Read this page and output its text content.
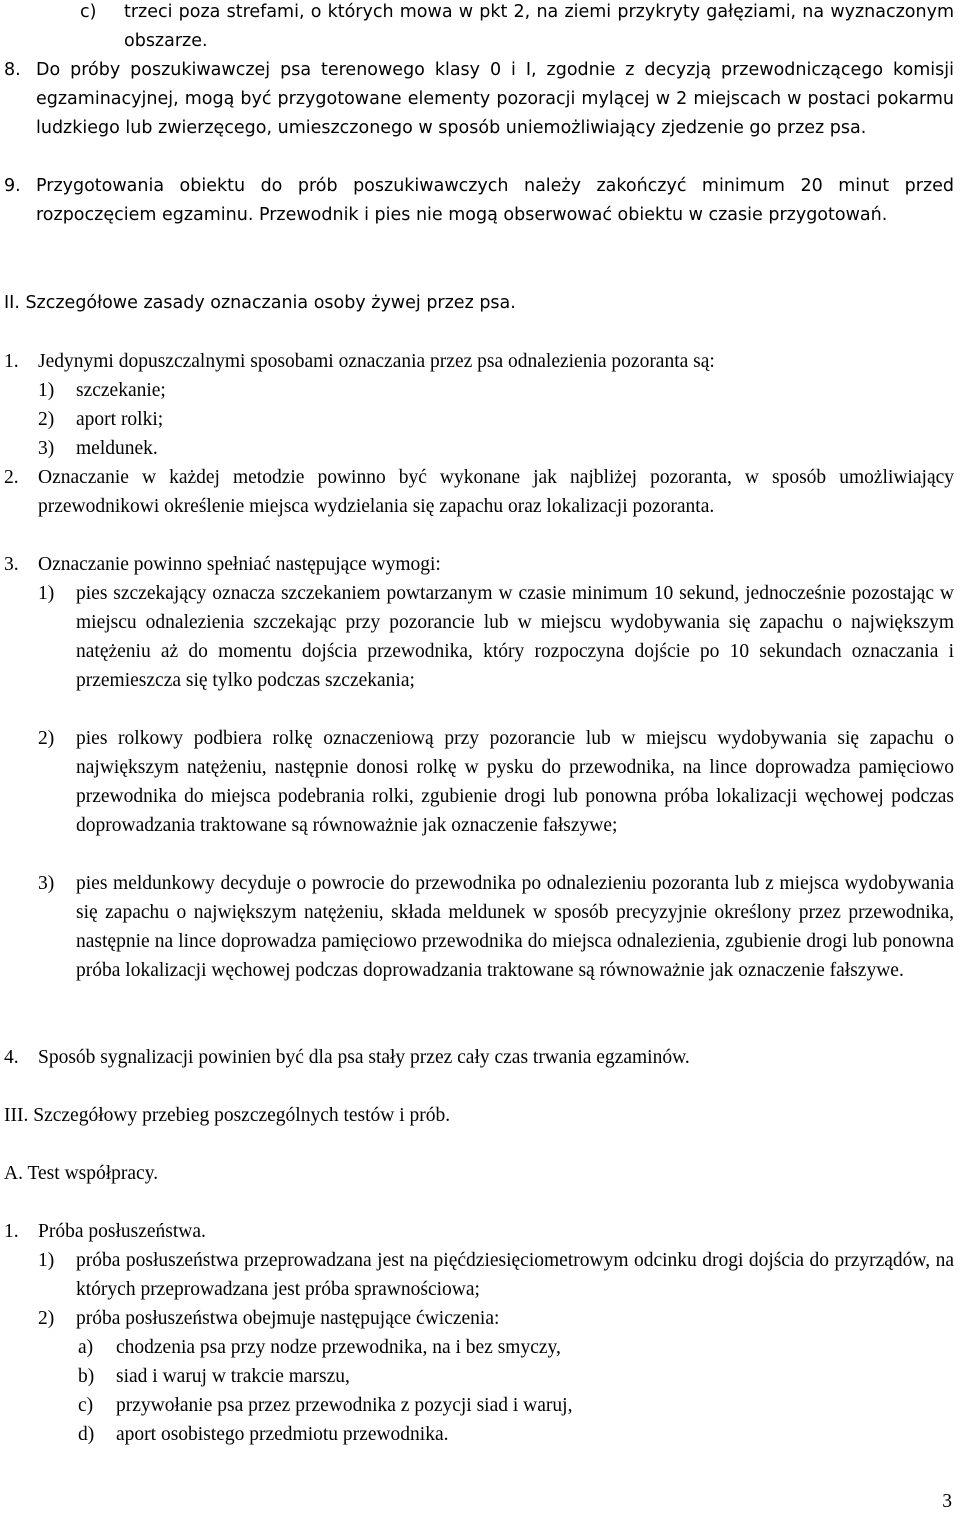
c)	trzeci poza strefami, o których mowa w pkt 2, na ziemi przykryty gałęziami, na wyznaczonym obszarze.
8. Do próby poszukiwawczej psa terenowego klasy 0 i I, zgodnie z decyzją przewodniczącego komisji egzaminacyjnej, mogą być przygotowane elementy pozoracji mylącej w 2 miejscach w postaci pokarmu ludzkiego lub zwierzęcego, umieszczonego w sposób uniemożliwiający zjedzenie go przez psa.
9. Przygotowania obiektu do prób poszukiwawczych należy zakończyć minimum 20 minut przed rozpoczęciem egzaminu. Przewodnik i pies nie mogą obserwować obiektu w czasie przygotowań.
II. Szczegółowe zasady oznaczania osoby żywej przez psa.
1. Jedynymi dopuszczalnymi sposobami oznaczania przez psa odnalezienia pozoranta są:
1)	szczekanie;
2)	aport rolki;
3)	meldunek.
2. Oznaczanie w każdej metodzie powinno być wykonane jak najbliżej pozoranta, w sposób umożliwiający przewodnikowi określenie miejsca wydzielania się zapachu oraz lokalizacji pozoranta.
3. Oznaczanie powinno spełniać następujące wymogi:
1)	pies szczekający oznacza szczekaniem powtarzanym w czasie minimum 10 sekund, jednocześnie pozostając w miejscu odnalezienia szczekając przy pozorancie lub w miejscu wydobywania się zapachu o największym natężeniu aż do momentu dojścia przewodnika, który rozpoczyna dojście po 10 sekundach oznaczania i przemieszcza się tylko podczas szczekania;
2)	pies rolkowy podbiera rolkę oznaczeniową przy pozorancie lub w miejscu wydobywania się zapachu o największym natężeniu, następnie donosi rolkę w pysku do przewodnika, na lince doprowadza pamięciowo przewodnika do miejsca podebrania rolki, zgubienie drogi lub ponowna próba lokalizacji węchowej podczas doprowadzania traktowane są równoważnie jak oznaczenie fałszywe;
3)	pies meldunkowy decyduje o powrocie do przewodnika po odnalezieniu pozoranta lub z miejsca wydobywania się zapachu o największym natężeniu, składa meldunek w sposób precyzyjnie określony przez przewodnika, następnie na lince doprowadza pamięciowo przewodnika do miejsca odnalezienia, zgubienie drogi lub ponowna próba lokalizacji węchowej podczas doprowadzania traktowane są równoważnie jak oznaczenie fałszywe.
4. Sposób sygnalizacji powinien być dla psa stały przez cały czas trwania egzaminów.
III. Szczegółowy przebieg poszczególnych testów i prób.
A. Test współpracy.
1. Próba posłuszeństwa.
1)	próba posłuszeństwa przeprowadzana jest na pięćdziesięciometrowym odcinku drogi dojścia do przyrządów, na których przeprowadzana jest próba sprawnościowa;
2)	próba posłuszeństwa obejmuje następujące ćwiczenia:
a)	chodzenia psa przy nodze przewodnika, na i bez smyczy,
b)	siad i waruj w trakcie marszu,
c)	przywołanie psa przez przewodnika z pozycji siad i waruj,
d)	aport osobistego przedmiotu przewodnika.
3
